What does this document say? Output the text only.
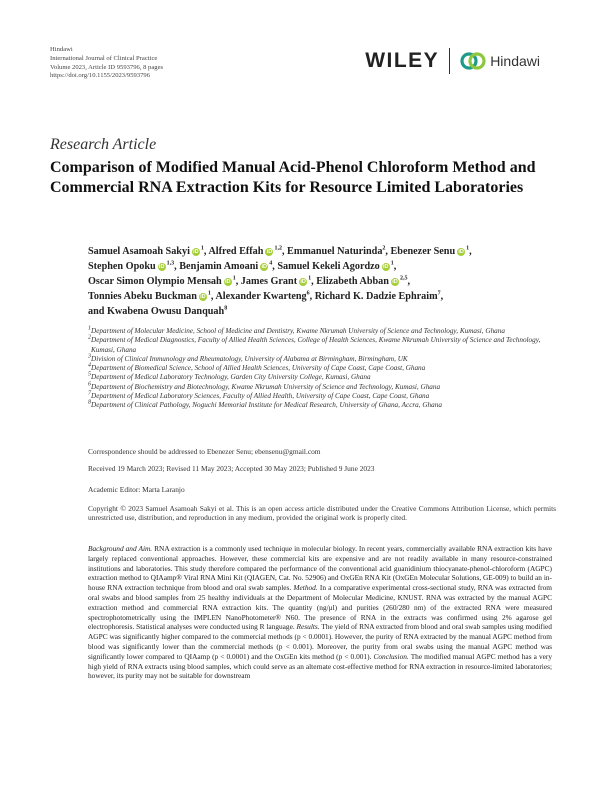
Hindawi
International Journal of Clinical Practice
Volume 2023, Article ID 9593796, 8 pages
https://doi.org/10.1155/2023/9593796
WILEY	Hindawi
Research Article
Comparison of Modified Manual Acid-Phenol Chloroform Method and Commercial RNA Extraction Kits for Resource Limited Laboratories
Samuel Asamoah Sakyi $iD^1$, Alfred Effah iD$^{1,2}$, Emmanuel Naturinda$^2$, Ebenezer Senu $iD^1$,
Stephen Opoku iD$^{1,3}$, Benjamin Amoani $iD^4$, Samuel Kekeli Agordzo $iD^1$,
Oscar Simon Olympio Mensah $iD^1$, James Grant $iD^1$, Elizabeth Abban iD$^{2,5}$,
Tonnies Abeku Buckman $iD^1$, Alexander Kwarteng$^6$, Richard K. Dadzie Ephraim$^7$,
and Kwabena Owusu Danquah$^8$
$^1$Department of Molecular Medicine, School of Medicine and Dentistry, Kwame Nkrumah University of Science and Technology, Kumasi, Ghana
$^2$Department of Medical Diagnostics, Faculty of Allied Health Sciences, College of Health Sciences, Kwame Nkrumah University of Science and Technology, Kumasi, Ghana
$^3$Division of Clinical Immunology and Rheumatology, University of Alabama at Birmingham, Birmingham, UK
$^4$Department of Biomedical Science, School of Allied Health Sciences, University of Cape Coast, Cape Coast, Ghana
$^5$Department of Medical Laboratory Technology, Garden City University College, Kumasi, Ghana
$^6$Department of Biochemistry and Biotechnology, Kwame Nkrumah University of Science and Technology, Kumasi, Ghana
$^7$Department of Medical Laboratory Sciences, Faculty of Allied Health, University of Cape Coast, Cape Coast, Ghana
$^8$Department of Clinical Pathology, Noguchi Memorial Institute for Medical Research, University of Ghana, Accra, Ghana
Correspondence should be addressed to Ebenezer Senu; ebensenu@gmail.com
Received 19 March 2023; Revised 11 May 2023; Accepted 30 May 2023; Published 9 June 2023
Academic Editor: Marta Laranjo
Copyright © 2023 Samuel Asamoah Sakyi et al. This is an open access article distributed under the Creative Commons Attribution License, which permits unrestricted use, distribution, and reproduction in any medium, provided the original work is properly cited.
Background and Aim. RNA extraction is a commonly used technique in molecular biology. In recent years, commercially available RNA extraction kits have largely replaced conventional approaches. However, these commercial kits are expensive and are not readily available in many resource-constrained institutions and laboratories. This study therefore compared the performance of the conventional acid guanidinium thiocyanate-phenol-chloroform (AGPC) extraction method to QIAamp® Viral RNA Mini Kit (QIAGEN, Cat. No. 52906) and OxGEn RNA Kit (OxGEn Molecular Solutions, GE-009) to build an in-house RNA extraction technique from blood and oral swab samples. Method. In a comparative experimental cross-sectional study, RNA was extracted from oral swabs and blood samples from 25 healthy individuals at the Department of Molecular Medicine, KNUST. RNA was extracted by the manual AGPC extraction method and commercial RNA extraction kits. The quantity (ng/μl) and purities (260/280 nm) of the extracted RNA were measured spectrophotometrically using the IMPLEN NanoPhotometer® N60. The presence of RNA in the extracts was confirmed using 2% agarose gel electrophoresis. Statistical analyses were conducted using R language. Results. The yield of RNA extracted from blood and oral swab samples using modified AGPC was significantly higher compared to the commercial methods (p < 0.0001). However, the purity of RNA extracted by the manual AGPC method from blood was significantly lower than the commercial methods (p < 0.001). Moreover, the purity from oral swabs using the manual AGPC method was significantly lower compared to QIAamp (p < 0.0001) and the OxGEn kits method (p < 0.001). Conclusion. The modified manual AGPC method has a very high yield of RNA extracts using blood samples, which could serve as an alternate cost-effective method for RNA extraction in resource-limited laboratories; however, its purity may not be suitable for downstream
